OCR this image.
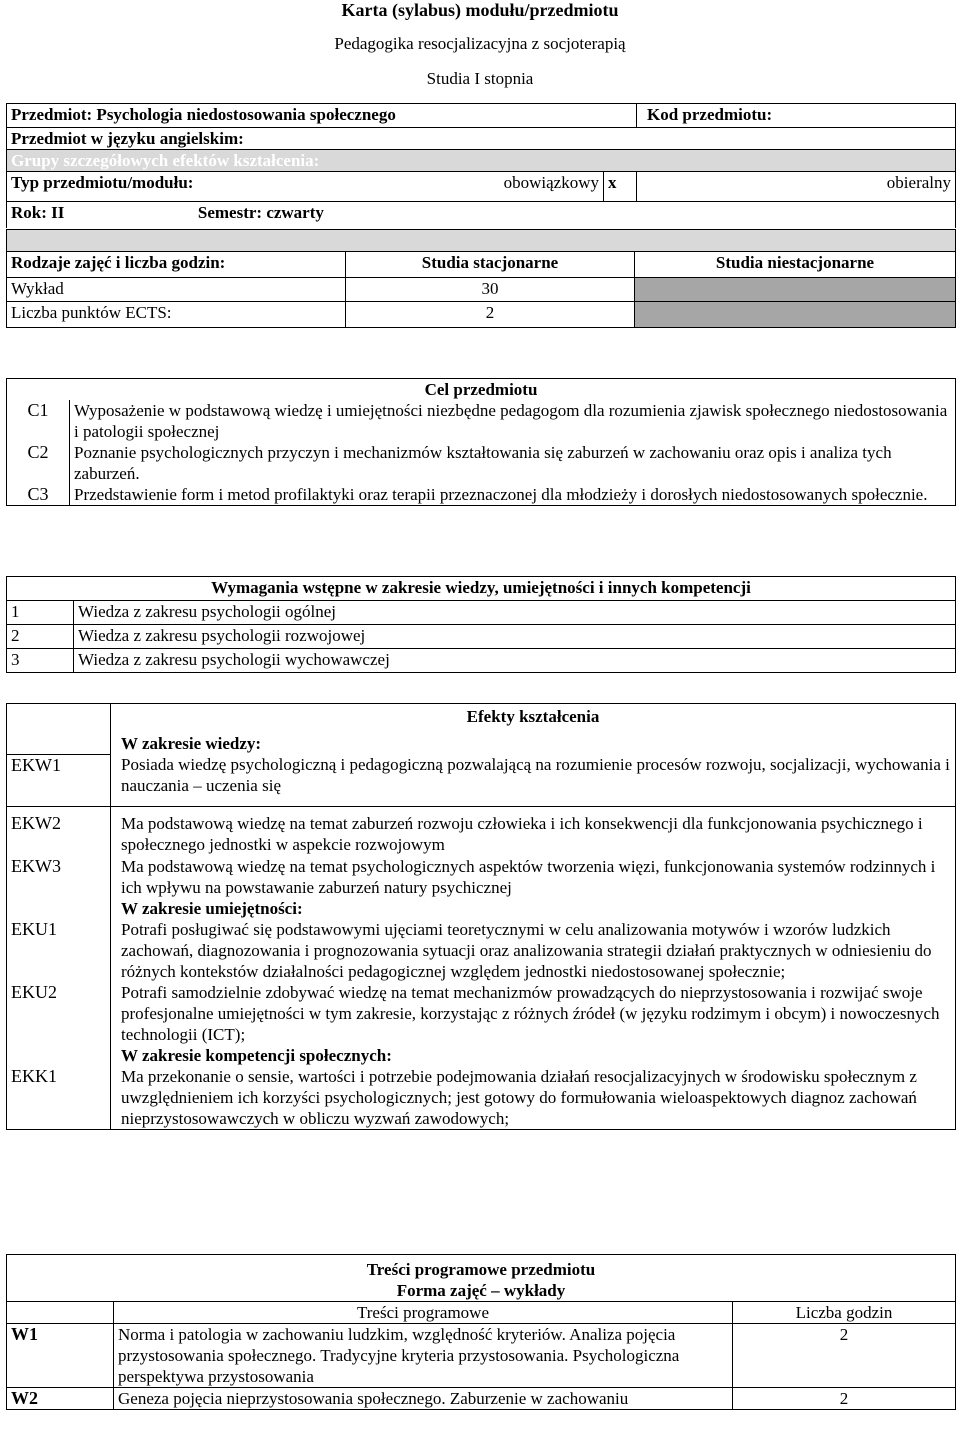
Karta (sylabus) modułu/przedmiotu
Pedagogika resocjalizacyjna z socjoterapią
Studia I stopnia
Przedmiot: Psychologia niedostosowania społecznego			Kod przedmiotu:
Przedmiot w języku angielskim:			
Grupy szczegółowych efektów kształcenia:			
Typ przedmiotu/modułu:	obowiązkowy	x	obieralny
Rok: II Semestr: czwarty			

Rodzaje zajęć i liczba godzin:	Studia stacjonarne	Studia niestacjonarne
Wykład	30	
Liczba punktów ECTS:	2	
Cel przedmiotu	
C1	Wyposażenie w podstawową wiedzę i umiejętności niezbędne pedagogom dla rozumienia zjawisk społecznego niedostosowania i patologii społecznej
C2	Poznanie psychologicznych przyczyn i mechanizmów kształtowania się zaburzeń w zachowaniu oraz opis i analiza tych zaburzeń.
C3	Przedstawienie form i metod profilaktyki oraz terapii przeznaczonej dla młodzieży i dorosłych niedostosowanych społecznie.
Wymagania wstępne w zakresie wiedzy, umiejętności i innych kompetencji	
1	Wiedza z zakresu psychologii ogólnej
2	Wiedza z zakresu psychologii rozwojowej
3	Wiedza z zakresu psychologii wychowawczej
	Efekty kształcenia
	W zakresie wiedzy:
EKW1	Posiada wiedzę psychologiczną i pedagogiczną pozwalającą na rozumienie procesów rozwoju, socjalizacji, wychowania i nauczania – uczenia się
EKW2	Ma podstawową wiedzę na temat zaburzeń rozwoju człowieka i ich konsekwencji dla funkcjonowania psychicznego i społecznego jednostki w aspekcie rozwojowym
EKW3	Ma podstawową wiedzę na temat psychologicznych aspektów tworzenia więzi, funkcjonowania systemów rodzinnych i ich wpływu na powstawanie zaburzeń natury psychicznej
	W zakresie umiejętności:
EKU1	Potrafi posługiwać się podstawowymi ujęciami teoretycznymi w celu analizowania motywów i wzorów ludzkich zachowań, diagnozowania i prognozowania sytuacji oraz analizowania strategii działań praktycznych w odniesieniu do różnych kontekstów działalności pedagogicznej względem jednostki niedostosowanej społecznie;
EKU2	Potrafi samodzielnie zdobywać wiedzę na temat mechanizmów prowadzących do nieprzystosowania i rozwijać swoje profesjonalne umiejętności w tym zakresie, korzystając z różnych źródeł (w języku rodzimym i obcym) i nowoczesnych technologii (ICT);
	W zakresie kompetencji społecznych:
EKK1	Ma przekonanie o sensie, wartości i potrzebie podejmowania działań resocjalizacyjnych w środowisku społecznym z uwzględnieniem ich korzyści psychologicznych; jest gotowy do formułowania wieloaspektowych diagnoz zachowań nieprzystosowawczych w obliczu wyzwań zawodowych;
Treści programowe przedmiotu		
Forma zajęć – wykłady		
	Treści programowe	Liczba godzin
W1	Norma i patologia w zachowaniu ludzkim, względność kryteriów. Analiza pojęcia przystosowania społecznego. Tradycyjne kryteria przystosowania. Psychologiczna perspektywa przystosowania	2
W2	Geneza pojęcia nieprzystosowania społecznego. Zaburzenie w zachowaniu	2
